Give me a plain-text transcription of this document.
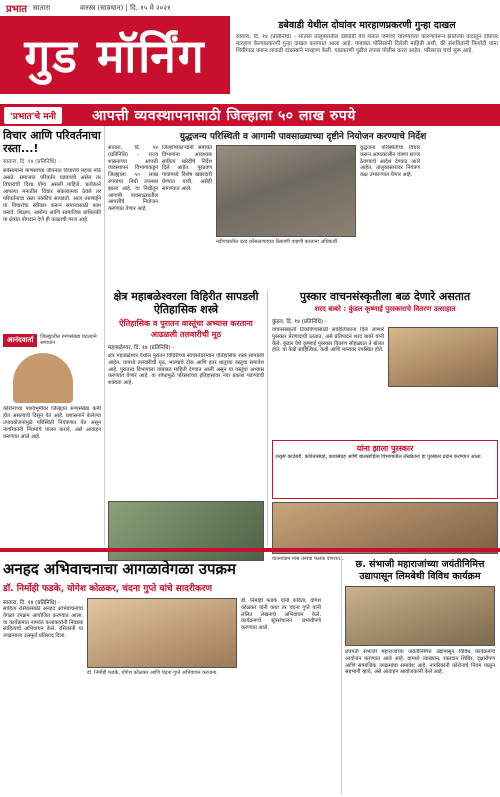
प्रभात सातारा	वारस्त्र (सावधान) | दि. १५ मे २०२१
गुड मॉर्निंग
डबेवाडी येथील दोघांवर मारहाणप्रकरणी गुन्हा दाखल
सातारा, दि. १४ (प्रतिनिधि) - सातारा तालुक्यातील डबेवाडी येथे शेतात जनावरे चारण्याच्या कारणावरून झालेल्या वादातून दोघांवर मारहाण केल्याप्रकरणी गुन्हा दाखल करण्यात आला आहे. याबाबत पोलिसांनी दिलेली माहिती अशी, की संशयितांनी फिर्यादी यांना शिवीगाळ करून लाकडी दांडक्याने मारहाण केली. याप्रकरणी पुढील तपास पोलीस करत आहेत. परिसरात चर्चा सुरू आहे.
'प्रभात'चे मनी	आपत्ती व्यवस्थापनासाठी जिल्हाला ५० लाख रुपये
विचार आणि परिवर्तनाचा रस्ता...!
सातारा, दि. १४ (प्रतिनिधि) -
सर्वसामान्य माणसाच्या जीवनात विचारांचे महत्त्व मोठे असते. समाजात परिवर्तन घडवायचे असेल तर विचारांची दिशा योग्य असली पाहिजे. प्रत्येकाने आपल्या मनातील विचार सकारात्मक ठेवले तर परिवर्तनाचा रस्ता नक्कीच सापडतो. आज तरुणाईने या विचारांचा स्वीकार करून समाजासाठी काम करावे. शिक्षण, आरोग्य आणि सामाजिक बांधिलकी या क्षेत्रांत योगदान देणे ही काळाची गरज आहे.
आनंदवार्ता	जिल्ह्यातील रुग्णसंख्या घटल्याने समाधान
कोरोनाच्या पार्श्वभूमीवर जिल्ह्यात रुग्णसंख्या कमी होत असल्याचे दिसून येत आहे. प्रशासनाने केलेल्या उपाययोजनांमुळे परिस्थिती नियंत्रणात येत असून नागरिकांनी नियमांचे पालन करावे, असे आवाहन करण्यात आले आहे.
युद्धजन्य परिस्थिती व आगामी पावसाळ्याच्या दृष्टीने नियोजन करण्याचे निर्देश
सातारा, दि. १४ (प्रतिनिधि) - राज्य शासनाच्या आपत्ती व्यवस्थापन विभागाकडून जिल्ह्याला ५० लाख रुपयांचा निधी उपलब्ध झाला आहे. या निधीतून आगामी पावसाळ्यातील आपत्तींचे नियोजन करण्यात येणार आहे.
जिल्हाधिकाऱ्यांनी संबंधित विभागांना आवश्यक साहित्य खरेदीचे निर्देश दिले आहेत. पूरप्रवण गावांमध्ये विशेष खबरदारी घेण्यात यावी, असेही सांगण्यात आले.
नदीपात्रातील दरड कोसळण्याच्या ठिकाणी पाहणी करताना अधिकारी.
युद्धजन्य परिस्थितीचा विचार करून आपत्कालीन यंत्रणा सज्ज ठेवण्याचे आदेश देण्यात आले आहेत. तालुकास्तरावर नियंत्रण कक्ष उभारण्यात येणार आहे.
क्षेत्र महाबळेश्वरला विहिरीत सापडली ऐतिहासिक शस्त्रे
ऐतिहासिक व पुरातन वास्तूंचा अभ्यास करताना आढळली तलवारीची मूठ
महाबळेश्वर, दि. १४ (प्रतिनिधि) -
क्षेत्र महाबळेश्वर येथील पुरातन विहिरीच्या स्वच्छतेदरम्यान ऐतिहासिक शस्त्रे सापडली आहेत. यामध्ये तलवारीची मूठ, भाल्याचे टोक आणि इतर धातूच्या वस्तूंचा समावेश आहे. पुरातत्त्व विभागाला याबाबत माहिती देण्यात आली असून या वस्तूंचा अभ्यास करण्यात येणार आहे. या शोधामुळे परिसराच्या इतिहासावर नवा प्रकाश पडण्याची शक्यता आहे.
पुस्कार वाचनसंस्कृतीला बळ देणारे असतात
शरद बाबरे : कुंडल कृष्णाई पुरस्काराचे वितरण उत्साहात
कुंडल, दि. १४ (प्रतिनिधि) -
वाचनसंस्कृती टिकविण्यासाठी साहित्यिकांना दिले जाणारे पुरस्कार प्रेरणादायी ठरतात, असे प्रतिपादन शरद बाबरे यांनी केले. कुंडल येथे कृष्णाई पुरस्कार वितरण सोहळ्यात ते बोलत होते. या वेळी साहित्यिक, कवी आणि मान्यवर उपस्थित होते.
यांना झाला पुरस्कार
उत्कृष्ट कादंबरी, कवितासंग्रह, कथासंग्रह आणि बालसाहित्य विभागातील लेखकांना हा पुरस्कार प्रदान करण्यात आला.
यातनाग्राम मास तनाचा फलक वापरात...
अनहद अभिवाचनाचा आगळावेगळा उपक्रम
डॉ. निर्मोही फडके, योगेश कोळकर, चंदना गुप्ते यांचे सादरीकरण
सातारा, दि. १४ (प्रतिनिधि) -
साहित्य रसिकांसाठी अनहद अभिवाचनाचा वेगळा उपक्रम आयोजित करण्यात आला. या कार्यक्रमात नामवंत कलाकारांनी निवडक साहित्याचे अभिवाचन केले. रसिकांनी या उपक्रमाला उत्स्फूर्त प्रतिसाद दिला.
डॉ. निर्मोही फडके, योगेश कोळकर आणि चंदना गुप्ते अभिवाचन करताना.
डॉ. निर्मोही फडके यांनी कविता, योगेश कोळकर यांनी कथा तर चंदना गुप्ते यांनी ललित लेखनाचे अभिवाचन केले. कार्यक्रमाचे सूत्रसंचालन प्रभावीपणे करण्यात आले.
छ. संभाजी महाराजांच्या जयंतीनिमित्त उद्यापासून लिमबेथी विविध कार्यक्रम
छत्रपती संभाजी महाराजांच्या जयंतीनिमित्त उद्यापासून विविध कार्यक्रमांचे आयोजन करण्यात आले आहे. यामध्ये व्याख्यान, रक्तदान शिबिर, वृक्षारोपण आणि सामाजिक उपक्रमांचा समावेश आहे. नागरिकांनी कोरोनाचे नियम पाळून सहभागी व्हावे, असे आवाहन आयोजकांनी केले आहे.
